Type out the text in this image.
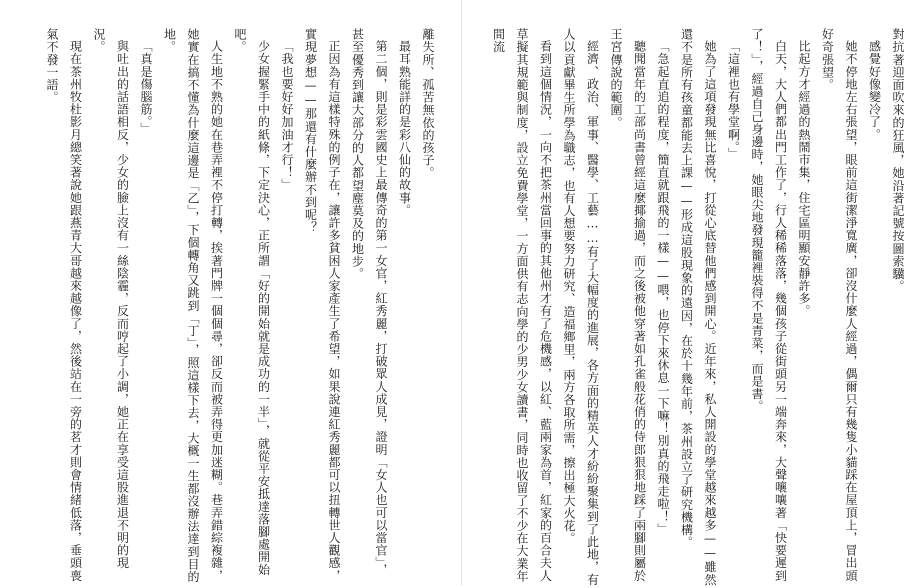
離失所、孤苦無依的孩子。

最耳熟能詳的是彩八仙的故事。

第二個，則是彩雲國史上最傳奇的第一女官，紅秀麗，打破眾人成見，證明「女人也可以當官」，甚至優秀到讓大部分的人都望塵莫及的地步。

正因為有這樣特殊的例子在，讓許多貧困人家產生了希望，如果說連紅秀麗都可以扭轉世人觀感，實現夢想——那還有什麼辦不到呢？

「我也要好好加油才行！」

少女握緊手中的紙條，下定決心，正所謂「好的開始就是成功的一半」，就從平安抵達落腳處開始吧。

人生地不熟的她在巷弄裡不停打轉，挨著門牌一個個尋，卻反而被弄得更加迷糊。巷弄錯綜複雜，她實在搞不懂為什麼這邊是「乙」，下個轉角又跳到「丁」，照這樣下去，大概一生都沒辦法達到目的地。

「真是傷腦筋。」

與吐出的話語相反，少女的臉上沒有一絲陰霾，反而哼起了小調，她正在享受這股進退不明的現況。

現在茶州牧杜影月總笑著說她跟燕青大哥越來越像了，然後站在一旁的茗才則會情緒低落，垂頭喪氣不發一語。	對抗著迎面吹來的狂風，她沿著記號按圖索驥。

感覺好像變冷了。

她不停地左右張望，眼前這街潔淨寬廣，卻沒什麼人經過，偶爾只有幾隻小貓踩在屋頂上，冒出頭好奇張望。

比起方才經過的熱鬧市集，住宅區明顯安靜許多。

白天，大人們都出門工作了，行人稀稀落落，幾個孩子從街頭另一端奔來，大聲嚷嚷著「快要遲到了！」，經過自己身邊時，她眼尖地發現籠裡裝得不是青菜，而是書。

「這裡也有學堂啊。」

她為了這項發現無比喜悅，打從心底替他們感到開心。近年來，私人開設的學堂越來越多——雖然還不是所有孩童都能去上課——形成這股現象的遠因，在於十幾年前，茶州設立了研究機構。

「急起直追的程度，簡直就跟飛的一樣——喂，也停下來休息一下嘛！別真的飛走啦！」

聽聞當年的工部尚書曾經這麼揶揄過，而之後被他穿著如孔雀般花俏的侍郎狠狠地踩了兩腳則屬於王宮傳說的範圍。

經濟、政治、軍事、醫學、工藝……有了大幅度的進展，各方面的精英人才紛紛聚集到了此地，有人以貢獻畢生所學為職志，也有人想要努力研究、造福鄉里，兩方各取所需，擦出極大火花。

看到這個情況，一向不把茶州當回事的其他州才有了危機感，以紅、藍兩家為首，紅家的百合夫人草擬其規範與制度，設立免費學堂，一方面供有志向學的少男少女讀書，同時也收留了不少在大業年間流
